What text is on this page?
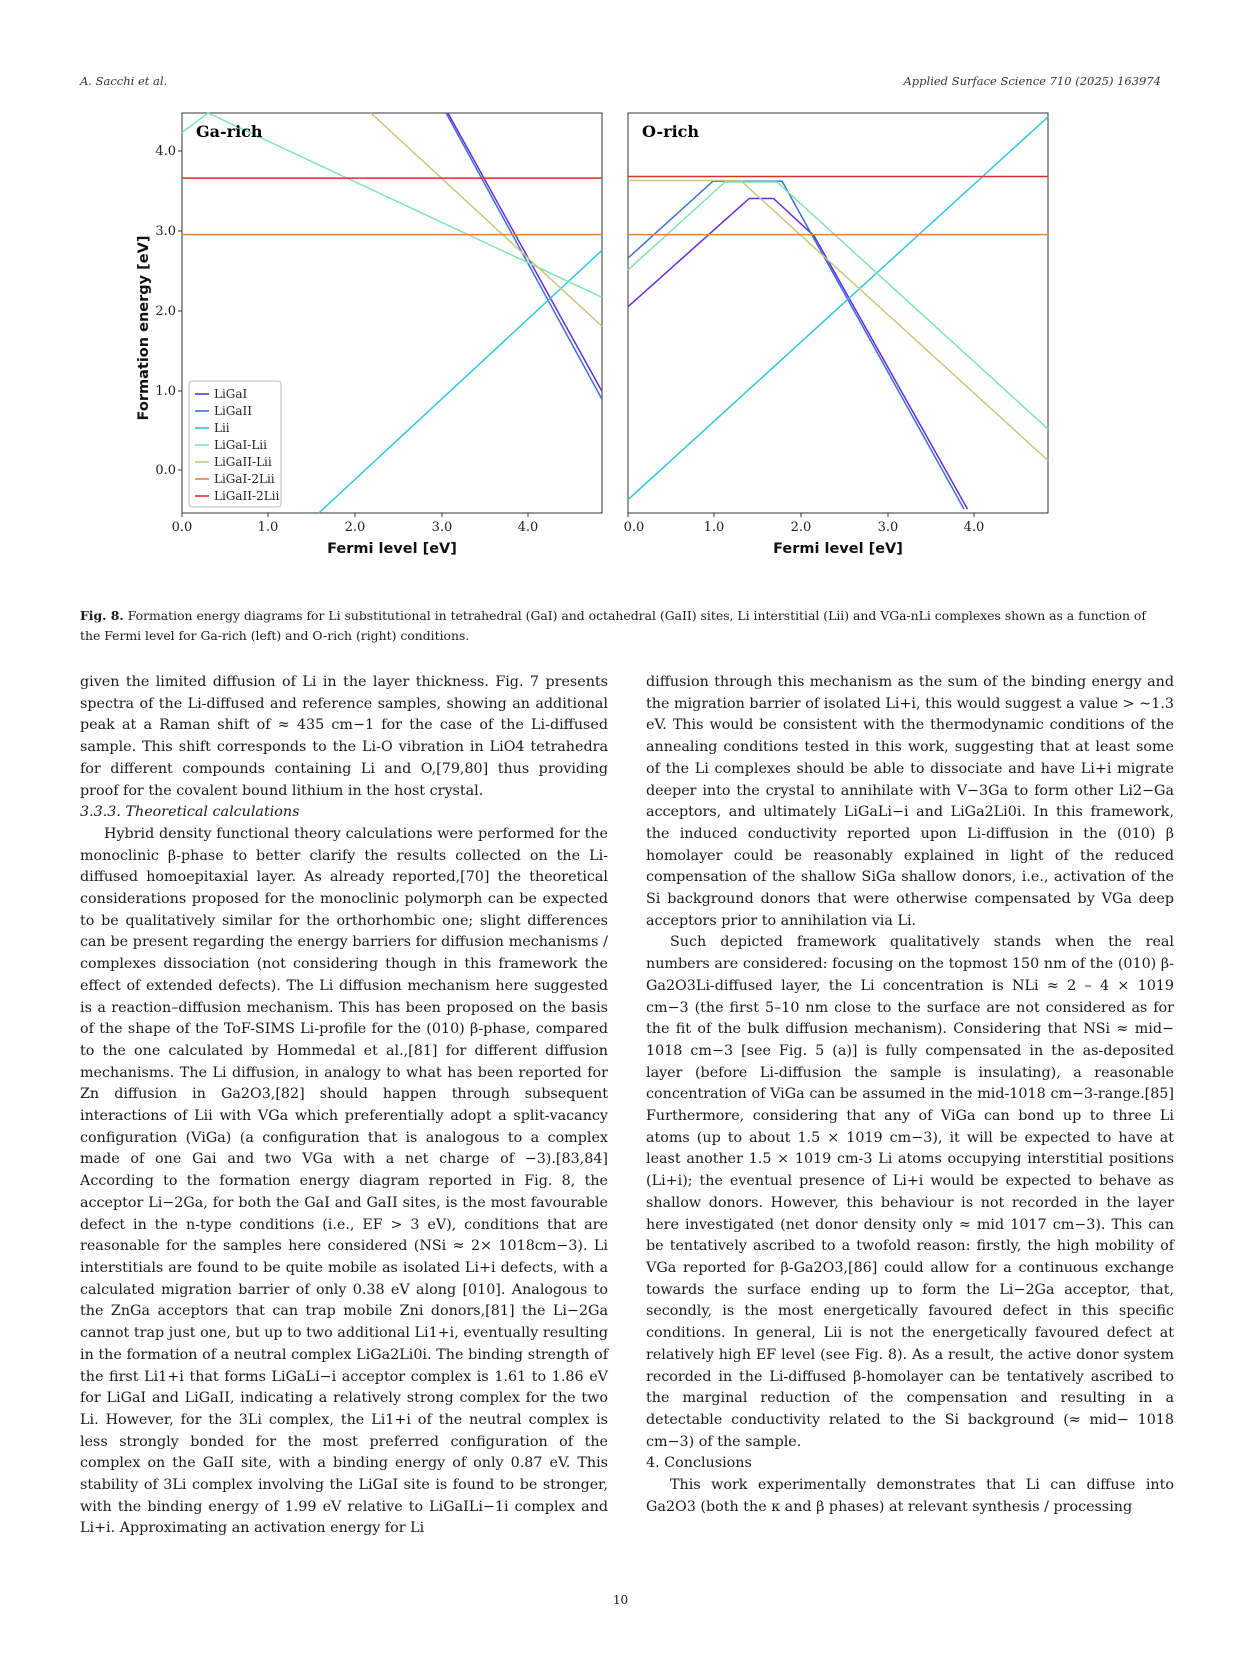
A. Sacchi et al.	Applied Surface Science 710 (2025) 163974
Formation energy [eV]
Ga-rich
0.0
1.0
2.0
3.0
4.0
0.0	1.0	2.0	3.0	4.0
Fermi level [eV]
LiGaI
LiGaII
Lii
LiGaI-Lii
LiGaII-Lii
LiGaI-2Lii
LiGaII-2Lii
O-rich
0.0	1.0	2.0	3.0	4.0
Fermi level [eV]
Fig. 8. Formation energy diagrams for Li substitutional in tetrahedral (GaI) and octahedral (GaII) sites, Li interstitial (Lii) and VGa-nLi complexes shown as a function of the Fermi level for Ga-rich (left) and O-rich (right) conditions.

given the limited diffusion of Li in the layer thickness. Fig. 7 presents spectra of the Li-diffused and reference samples, showing an additional peak at a Raman shift of ≈ 435 cm−1 for the case of the Li-diffused sample. This shift corresponds to the Li-O vibration in LiO4 tetrahedra for different compounds containing Li and O,[79,80] thus providing proof for the covalent bound lithium in the host crystal.

3.3.3. Theoretical calculations

Hybrid density functional theory calculations were performed for the monoclinic β-phase to better clarify the results collected on the Li-diffused homoepitaxial layer. As already reported,[70] the theoretical considerations proposed for the monoclinic polymorph can be expected to be qualitatively similar for the orthorhombic one; slight differences can be present regarding the energy barriers for diffusion mechanisms / complexes dissociation (not considering though in this framework the effect of extended defects). The Li diffusion mechanism here suggested is a reaction–diffusion mechanism. This has been proposed on the basis of the shape of the ToF-SIMS Li-profile for the (010) β-phase, compared to the one calculated by Hommedal et al.,[81] for different diffusion mechanisms. The Li diffusion, in analogy to what has been reported for Zn diffusion in Ga2O3,[82] should happen through subsequent interactions of Lii with VGa which preferentially adopt a split-vacancy configuration (ViGa) (a configuration that is analogous to a complex made of one Gai and two VGa with a net charge of −3).[83,84] According to the formation energy diagram reported in Fig. 8, the acceptor Li−2Ga, for both the GaI and GaII sites, is the most favourable defect in the n-type conditions (i.e., EF > 3 eV), conditions that are reasonable for the samples here considered (NSi ≈ 2× 1018cm−3). Li interstitials are found to be quite mobile as isolated Li+i defects, with a calculated migration barrier of only 0.38 eV along [010]. Analogous to the ZnGa acceptors that can trap mobile Zni donors,[81] the Li−2Ga cannot trap just one, but up to two additional Li1+i, eventually resulting in the formation of a neutral complex LiGa2Li0i. The binding strength of the first Li1+i that forms LiGaLi−i acceptor complex is 1.61 to 1.86 eV for LiGaI and LiGaII, indicating a relatively strong complex for the two Li. However, for the 3Li complex, the Li1+i of the neutral complex is less strongly bonded for the most preferred configuration of the complex on the GaII site, with a binding energy of only 0.87 eV. This stability of 3Li complex involving the LiGaI site is found to be stronger, with the binding energy of 1.99 eV relative to LiGaILi−1i complex and Li+i. Approximating an activation energy for Li

diffusion through this mechanism as the sum of the binding energy and the migration barrier of isolated Li+i, this would suggest a value > ∼1.3 eV. This would be consistent with the thermodynamic conditions of the annealing conditions tested in this work, suggesting that at least some of the Li complexes should be able to dissociate and have Li+i migrate deeper into the crystal to annihilate with V−3Ga to form other Li2−Ga acceptors, and ultimately LiGaLi−i and LiGa2Li0i. In this framework, the induced conductivity reported upon Li-diffusion in the (010) β homolayer could be reasonably explained in light of the reduced compensation of the shallow SiGa shallow donors, i.e., activation of the Si background donors that were otherwise compensated by VGa deep acceptors prior to annihilation via Li.

Such depicted framework qualitatively stands when the real numbers are considered: focusing on the topmost 150 nm of the (010) β-Ga2O3Li-diffused layer, the Li concentration is NLi ≈ 2 – 4 × 1019 cm−3 (the first 5–10 nm close to the surface are not considered as for the fit of the bulk diffusion mechanism). Considering that NSi ≈ mid− 1018 cm−3 [see Fig. 5 (a)] is fully compensated in the as-deposited layer (before Li-diffusion the sample is insulating), a reasonable concentration of ViGa can be assumed in the mid-1018 cm−3-range.[85] Furthermore, considering that any of ViGa can bond up to three Li atoms (up to about 1.5 × 1019 cm−3), it will be expected to have at least another 1.5 × 1019 cm-3 Li atoms occupying interstitial positions (Li+i); the eventual presence of Li+i would be expected to behave as shallow donors. However, this behaviour is not recorded in the layer here investigated (net donor density only ≈ mid 1017 cm−3). This can be tentatively ascribed to a twofold reason: firstly, the high mobility of VGa reported for β-Ga2O3,[86] could allow for a continuous exchange towards the surface ending up to form the Li−2Ga acceptor, that, secondly, is the most energetically favoured defect in this specific conditions. In general, Lii is not the energetically favoured defect at relatively high EF level (see Fig. 8). As a result, the active donor system recorded in the Li-diffused β-homolayer can be tentatively ascribed to the marginal reduction of the compensation and resulting in a detectable conductivity related to the Si background (≈ mid− 1018 cm−3) of the sample.

4. Conclusions

This work experimentally demonstrates that Li can diffuse into Ga2O3 (both the κ and β phases) at relevant synthesis / processing

10
